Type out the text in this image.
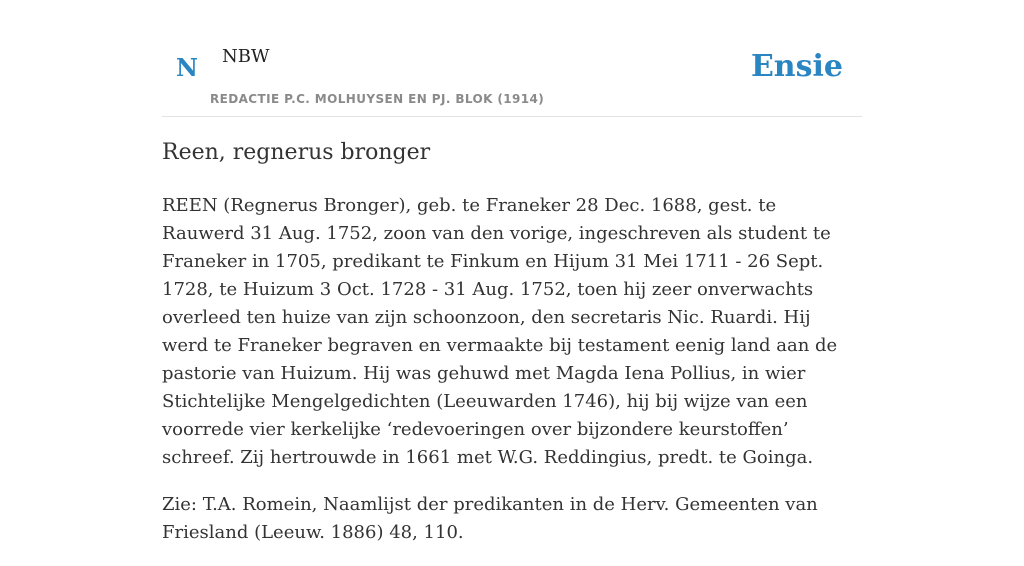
N NBW
REDACTIE P.C. MOLHUYSEN EN PJ. BLOK (1914)
Ensie
Reen, regnerus bronger

REEN (Regnerus Bronger), geb. te Franeker 28 Dec. 1688, gest. te Rauwerd 31 Aug. 1752, zoon van den vorige, ingeschreven als student te Franeker in 1705, predikant te Finkum en Hijum 31 Mei 1711 - 26 Sept. 1728, te Huizum 3 Oct. 1728 - 31 Aug. 1752, toen hij zeer onverwachts overleed ten huize van zijn schoonzoon, den secretaris Nic. Ruardi. Hij werd te Franeker begraven en vermaakte bij testament eenig land aan de pastorie van Huizum. Hij was gehuwd met Magda Iena Pollius, in wier Stichtelijke Mengelgedichten (Leeuwarden 1746), hij bij wijze van een voorrede vier kerkelijke ‘redevoeringen over bijzondere keurstoffen’ schreef. Zij hertrouwde in 1661 met W.G. Reddingius, predt. te Goinga.

Zie: T.A. Romein, Naamlijst der predikanten in de Herv. Gemeenten van Friesland (Leeuw. 1886) 48, 110.
